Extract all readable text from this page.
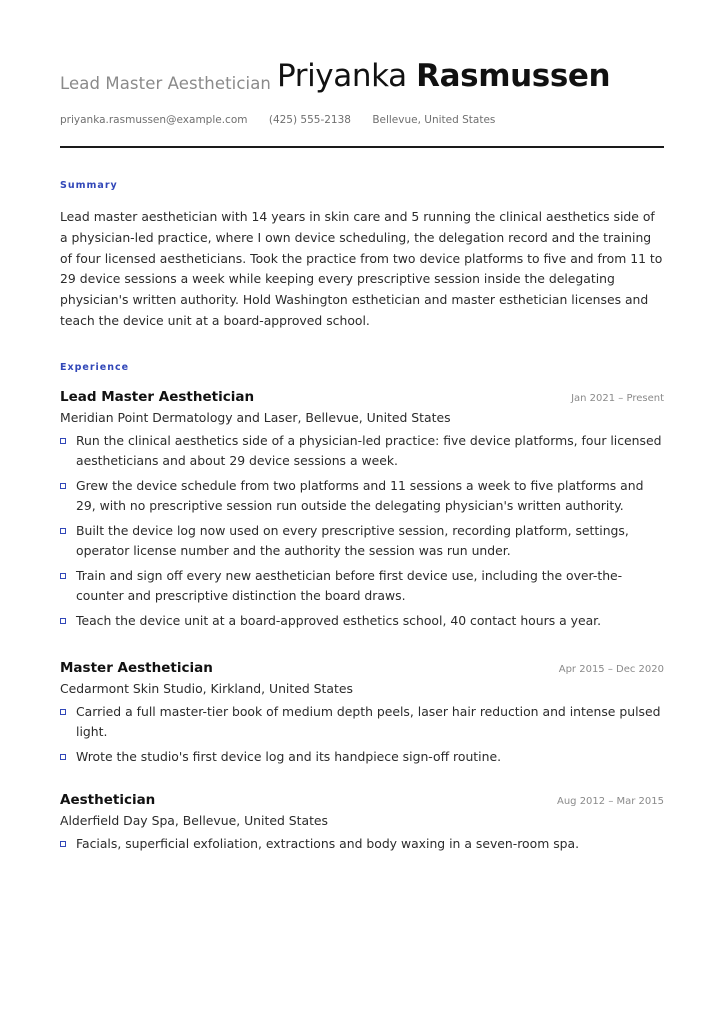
Lead Master Aesthetician Priyanka Rasmussen
priyanka.rasmussen@example.com (425) 555-2138 Bellevue, United States
Summary
Lead master aesthetician with 14 years in skin care and 5 running the clinical aesthetics side of a physician-led practice, where I own device scheduling, the delegation record and the training of four licensed aestheticians. Took the practice from two device platforms to five and from 11 to 29 device sessions a week while keeping every prescriptive session inside the delegating physician's written authority. Hold Washington esthetician and master esthetician licenses and teach the device unit at a board-approved school.
Experience
Lead Master Aesthetician	Jan 2021 – Present
Meridian Point Dermatology and Laser, Bellevue, United States
Run the clinical aesthetics side of a physician-led practice: five device platforms, four licensed aestheticians and about 29 device sessions a week.
Grew the device schedule from two platforms and 11 sessions a week to five platforms and 29, with no prescriptive session run outside the delegating physician's written authority.
Built the device log now used on every prescriptive session, recording platform, settings, operator license number and the authority the session was run under.
Train and sign off every new aesthetician before first device use, including the over-the-counter and prescriptive distinction the board draws.
Teach the device unit at a board-approved esthetics school, 40 contact hours a year.
Master Aesthetician	Apr 2015 – Dec 2020
Cedarmont Skin Studio, Kirkland, United States
Carried a full master-tier book of medium depth peels, laser hair reduction and intense pulsed light.
Wrote the studio's first device log and its handpiece sign-off routine.
Aesthetician	Aug 2012 – Mar 2015
Alderfield Day Spa, Bellevue, United States
Facials, superficial exfoliation, extractions and body waxing in a seven-room spa.
